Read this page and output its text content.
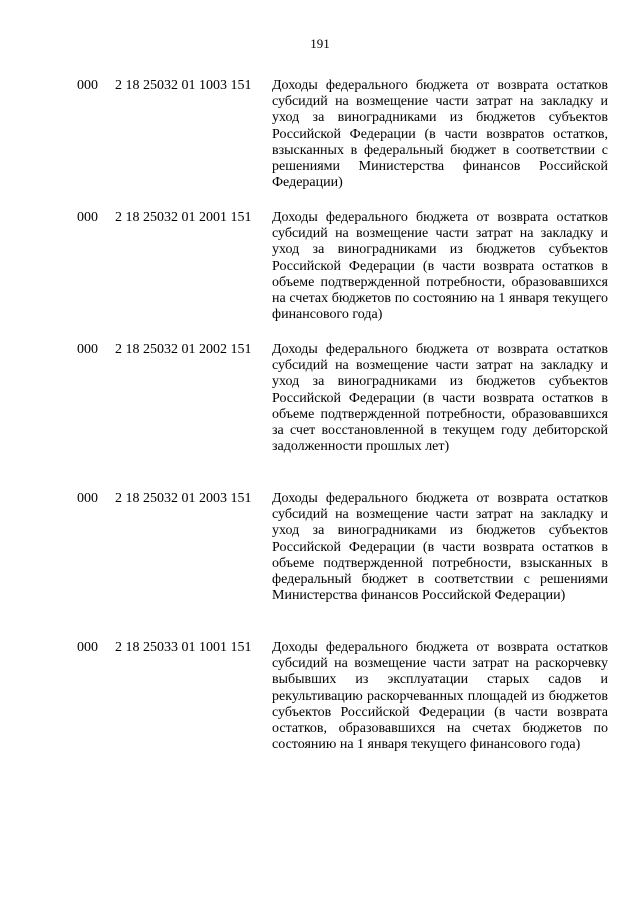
191
000 2 18 25032 01 1003 151 Доходы федерального бюджета от возврата остатков субсидий на возмещение части затрат на закладку и уход за виноградниками из бюджетов субъектов Российской Федерации (в части возвратов остатков, взысканных в федеральный бюджет в соответствии с решениями Министерства финансов Российской Федерации)
000 2 18 25032 01 2001 151 Доходы федерального бюджета от возврата остатков субсидий на возмещение части затрат на закладку и уход за виноградниками из бюджетов субъектов Российской Федерации (в части возврата остатков в объеме подтвержденной потребности, образовавшихся на счетах бюджетов по состоянию на 1 января текущего финансового года)
000 2 18 25032 01 2002 151 Доходы федерального бюджета от возврата остатков субсидий на возмещение части затрат на закладку и уход за виноградниками из бюджетов субъектов Российской Федерации (в части возврата остатков в объеме подтвержденной потребности, образовавшихся за счет восстановленной в текущем году дебиторской задолженности прошлых лет)
000 2 18 25032 01 2003 151 Доходы федерального бюджета от возврата остатков субсидий на возмещение части затрат на закладку и уход за виноградниками из бюджетов субъектов Российской Федерации (в части возврата остатков в объеме подтвержденной потребности, взысканных в федеральный бюджет в соответствии с решениями Министерства финансов Российской Федерации)
000 2 18 25033 01 1001 151 Доходы федерального бюджета от возврата остатков субсидий на возмещение части затрат на раскорчевку выбывших из эксплуатации старых садов и рекультивацию раскорчеванных площадей из бюджетов субъектов Российской Федерации (в части возврата остатков, образовавшихся на счетах бюджетов по состоянию на 1 января текущего финансового года)
